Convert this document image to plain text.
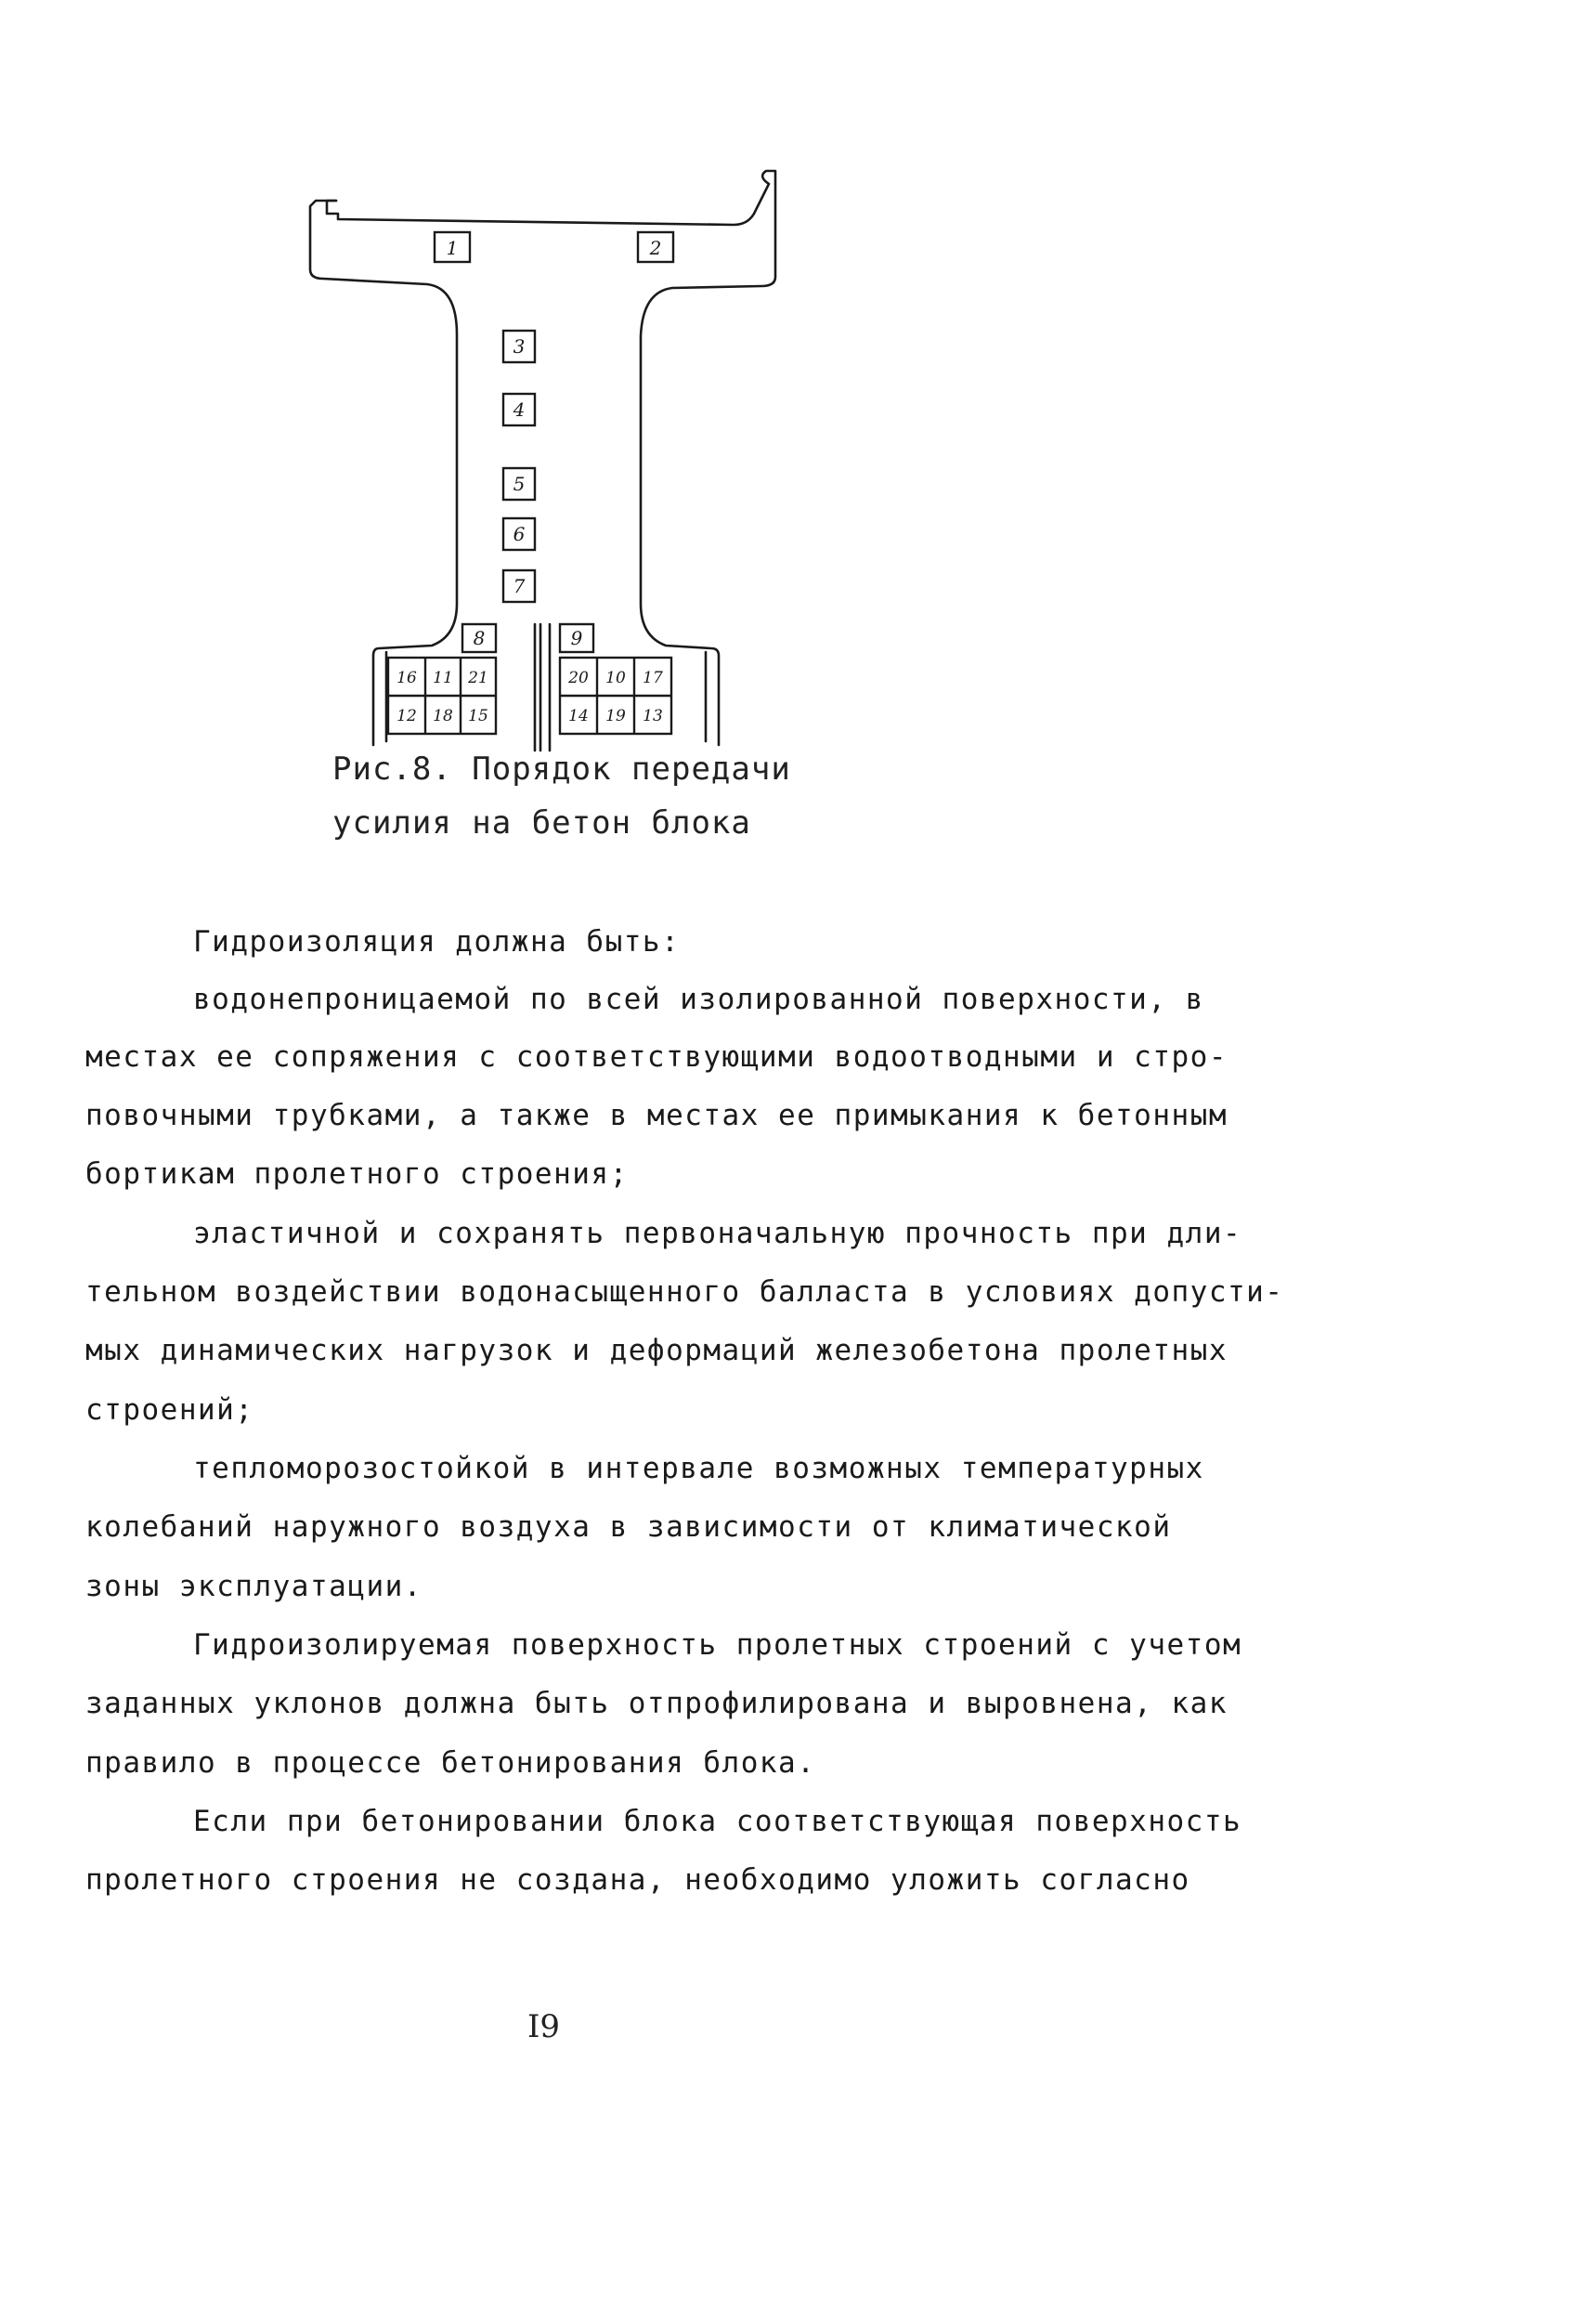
1	2
3
4
5
6
7
8	9
16 11 21
12 18 15
20 10 17
14 19 13
Рис.8. Порядок передачи
усилия на бетон блока
Гидроизоляция должна быть:
водонепроницаемой по всей изолированной поверхности, в
местах ее сопряжения с соответствующими водоотводными и стро-
повочными трубками, а также в местах ее примыкания к бетонным
бортикам пролетного строения;
эластичной и сохранять первоначальную прочность при дли-
тельном воздействии водонасыщенного балласта в условиях допусти-
мых динамических нагрузок и деформаций железобетона пролетных
строений;
тепломорозостойкой в интервале возможных температурных
колебаний наружного воздуха в зависимости от климатической
зоны эксплуатации.
Гидроизолируемая поверхность пролетных строений с учетом
заданных уклонов должна быть отпрофилирована и выровнена, как
правило в процессе бетонирования блока.
Если при бетонировании блока соответствующая поверхность
пролетного строения не создана, необходимо уложить согласно
I9
